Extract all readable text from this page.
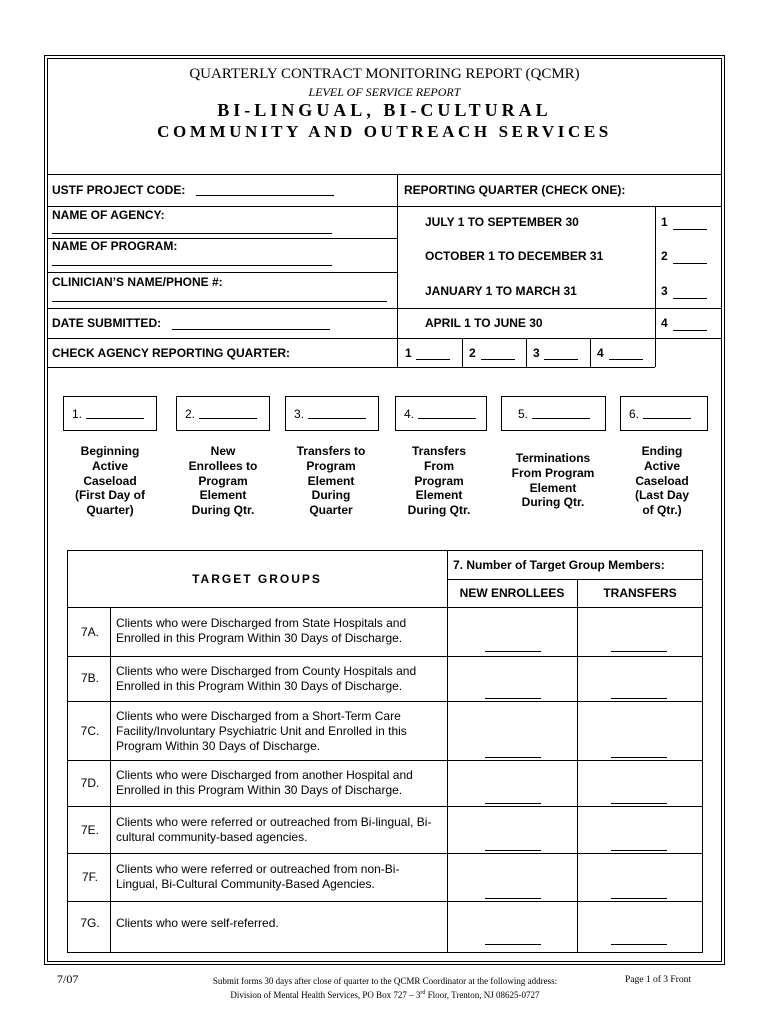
QUARTERLY CONTRACT MONITORING REPORT (QCMR)
LEVEL OF SERVICE REPORT
BI-LINGUAL, BI-CULTURAL
COMMUNITY AND OUTREACH SERVICES
USTF PROJECT CODE:
NAME OF AGENCY:
NAME OF PROGRAM:
CLINICIAN’S NAME/PHONE #:
DATE SUBMITTED:
CHECK AGENCY REPORTING QUARTER:
REPORTING QUARTER (CHECK ONE):
JULY 1 TO SEPTEMBER 30	1
OCTOBER 1 TO DECEMBER 31	2
JANUARY 1 TO MARCH 31	3
APRIL 1 TO JUNE 30	4
1	2	3	4
1.	2.	3.	4.	5.	6.
Beginning
Active
Caseload
(First Day of
Quarter)
New
Enrollees to
Program
Element
During Qtr.
Transfers to
Program
Element
During
Quarter
Transfers
From
Program
Element
During Qtr.
Terminations
From Program
Element
During Qtr.
Ending
Active
Caseload
(Last Day
of Qtr.)
TARGET GROUPS
7. Number of Target Group Members:
NEW ENROLLEES	TRANSFERS
7A.
Clients who were Discharged from State Hospitals and Enrolled in this Program Within 30 Days of Discharge.
7B.	Clients who were Discharged from County Hospitals and Enrolled in this Program Within 30 Days of Discharge.
7C.
Clients who were Discharged from a Short-Term Care Facility/Involuntary Psychiatric Unit and Enrolled in this Program Within 30 Days of Discharge.
7D.
Clients who were Discharged from another Hospital and Enrolled in this Program Within 30 Days of Discharge.
7E.
Clients who were referred or outreached from Bi-lingual, Bi-cultural community-based agencies.
7F.
Clients who were referred or outreached from non-Bi-Lingual, Bi-Cultural Community-Based Agencies.
7G.	Clients who were self-referred.
7/07	Submit forms 30 days after close of quarter to the QCMR Coordinator at the following address:
Division of Mental Health Services, PO Box 727 – 3rd Floor, Trenton, NJ 08625-0727
Page 1 of 3 Front
